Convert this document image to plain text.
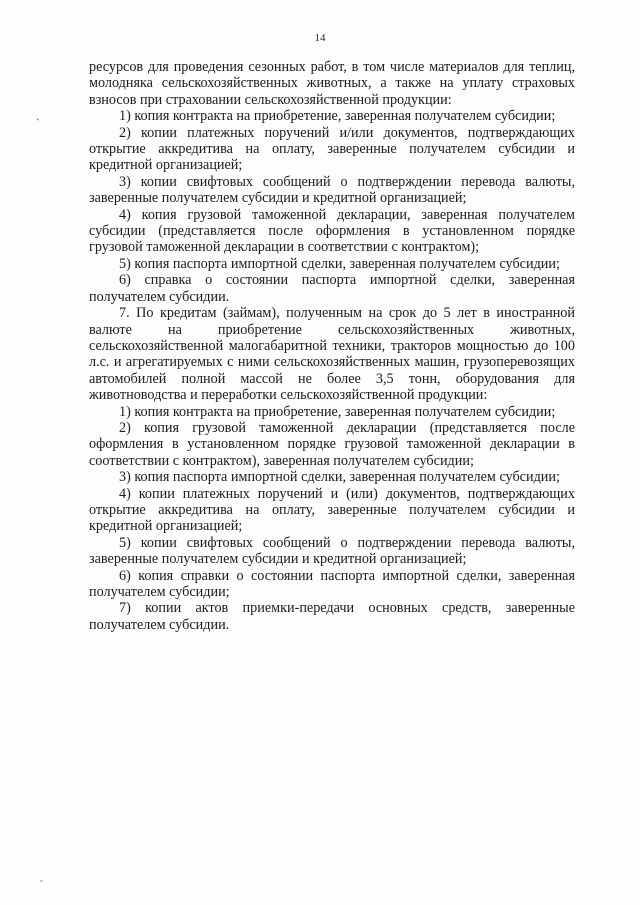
14
`

ресурсов для проведения сезонных работ, в том числе материалов для теплиц, молодняка сельскохозяйственных животных, а также на уплату страховых взносов при страховании сельскохозяйственной продукции:

1) копия контракта на приобретение, заверенная получателем субсидии;

2) копии платежных поручений и/или документов, подтверждающих открытие аккредитива на оплату, заверенные получателем субсидии и кредитной организацией;

3) копии свифтовых сообщений о подтверждении перевода валюты, заверенные получателем субсидии и кредитной организацией;

4) копия грузовой таможенной декларации, заверенная получателем субсидии (представляется после оформления в установленном порядке грузовой таможенной декларации в соответствии с контрактом);

5) копия паспорта импортной сделки, заверенная получателем субсидии;

6) справка о состоянии паспорта импортной сделки, заверенная получателем субсидии.

7. По кредитам (займам), полученным на срок до 5 лет в иностранной валюте на приобретение сельскохозяйственных животных, сельскохозяйственной малогабаритной техники, тракторов мощностью до 100 л.с. и агрегатируемых с ними сельскохозяйственных машин, грузоперевозящих автомобилей полной массой не более 3,5 тонн, оборудования для животноводства и переработки сельскохозяйственной продукции:

1) копия контракта на приобретение, заверенная получателем субсидии;

2) копия грузовой таможенной декларации (представляется после оформления в установленном порядке грузовой таможенной декларации в соответствии с контрактом), заверенная получателем субсидии;

3) копия паспорта импортной сделки, заверенная получателем субсидии;

4) копии платежных поручений и (или) документов, подтверждающих открытие аккредитива на оплату, заверенные получателем субсидии и кредитной организацией;

5) копии свифтовых сообщений о подтверждении перевода валюты, заверенные получателем субсидии и кредитной организацией;

6) копия справки о состоянии паспорта импортной сделки, заверенная получателем субсидии;

7) копии актов приемки-передачи основных средств, заверенные получателем субсидии.
